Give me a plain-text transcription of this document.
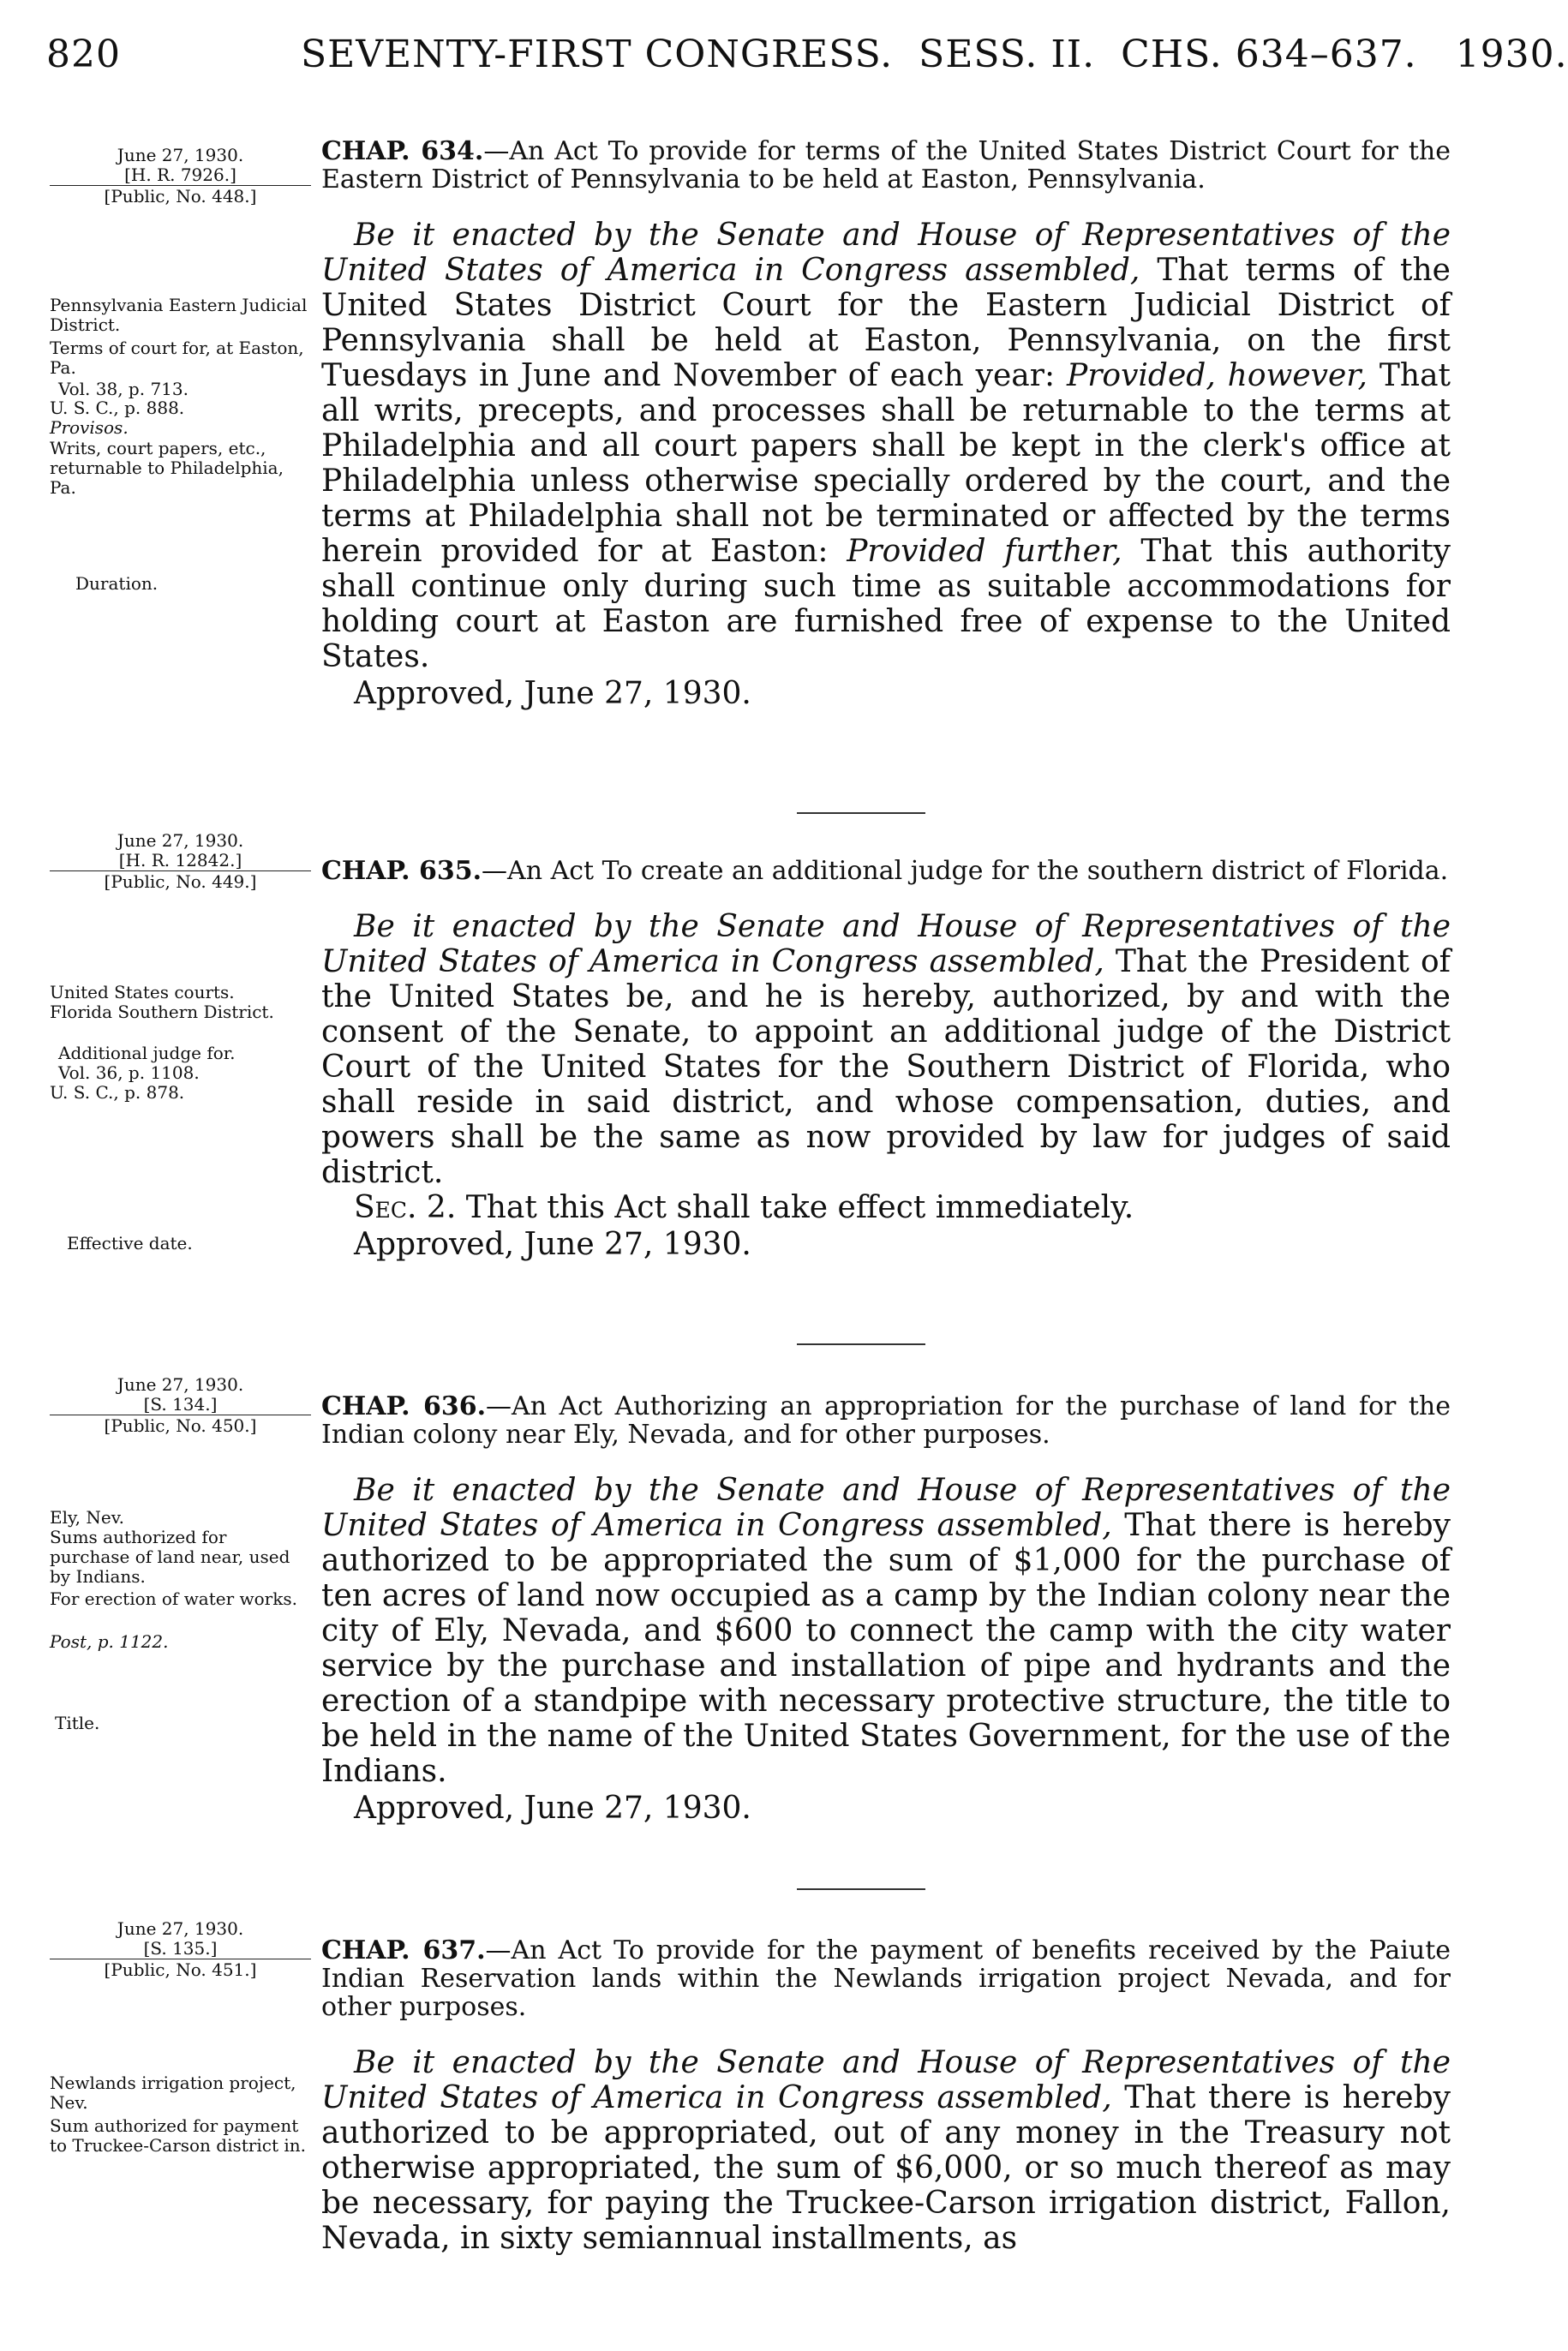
820	SEVENTY-FIRST CONGRESS. SESS. II. CHS. 634–637. 1930.
June 27, 1930.
[H. R. 7926.]
[Public, No. 448.]
Pennsylvania Eastern Judicial District.
Terms of court for, at Easton, Pa.
Vol. 38, p. 713.
U. S. C., p. 888.
Provisos.
Writs, court papers, etc., returnable to Philadelphia, Pa.
Duration.
CHAP. 634.—An Act To provide for terms of the United States District Court for the Eastern District of Pennsylvania to be held at Easton, Pennsylvania.
Be it enacted by the Senate and House of Representatives of the United States of America in Congress assembled, That terms of the United States District Court for the Eastern Judicial District of Pennsylvania shall be held at Easton, Pennsylvania, on the first Tuesdays in June and November of each year: Provided, however, That all writs, precepts, and processes shall be returnable to the terms at Philadelphia and all court papers shall be kept in the clerk's office at Philadelphia unless otherwise specially ordered by the court, and the terms at Philadelphia shall not be terminated or affected by the terms herein provided for at Easton: Provided further, That this authority shall continue only during such time as suitable accommodations for holding court at Easton are furnished free of expense to the United States.
Approved, June 27, 1930.
June 27, 1930.
[H. R. 12842.]
[Public, No. 449.]
United States courts.
Florida Southern District.
Additional judge for.
Vol. 36, p. 1108.
U. S. C., p. 878.
Effective date.
CHAP. 635.—An Act To create an additional judge for the southern district of Florida.
Be it enacted by the Senate and House of Representatives of the United States of America in Congress assembled, That the President of the United States be, and he is hereby, authorized, by and with the consent of the Senate, to appoint an additional judge of the District Court of the United States for the Southern District of Florida, who shall reside in said district, and whose compensation, duties, and powers shall be the same as now provided by law for judges of said district.
Sec. 2. That this Act shall take effect immediately.
Approved, June 27, 1930.
June 27, 1930.
[S. 134.]
[Public, No. 450.]
Ely, Nev.
Sums authorized for purchase of land near, used by Indians.
For erection of water works.
Post, p. 1122.
Title.
CHAP. 636.—An Act Authorizing an appropriation for the purchase of land for the Indian colony near Ely, Nevada, and for other purposes.
Be it enacted by the Senate and House of Representatives of the United States of America in Congress assembled, That there is hereby authorized to be appropriated the sum of $1,000 for the purchase of ten acres of land now occupied as a camp by the Indian colony near the city of Ely, Nevada, and $600 to connect the camp with the city water service by the purchase and installation of pipe and hydrants and the erection of a standpipe with necessary protective structure, the title to be held in the name of the United States Government, for the use of the Indians.
Approved, June 27, 1930.
June 27, 1930.
[S. 135.]
[Public, No. 451.]
Newlands irrigation project, Nev.
Sum authorized for payment to Truckee-Carson district in.
CHAP. 637.—An Act To provide for the payment of benefits received by the Paiute Indian Reservation lands within the Newlands irrigation project Nevada, and for other purposes.
Be it enacted by the Senate and House of Representatives of the United States of America in Congress assembled, That there is hereby authorized to be appropriated, out of any money in the Treasury not otherwise appropriated, the sum of $6,000, or so much thereof as may be necessary, for paying the Truckee-Carson irrigation district, Fallon, Nevada, in sixty semiannual installments, as
